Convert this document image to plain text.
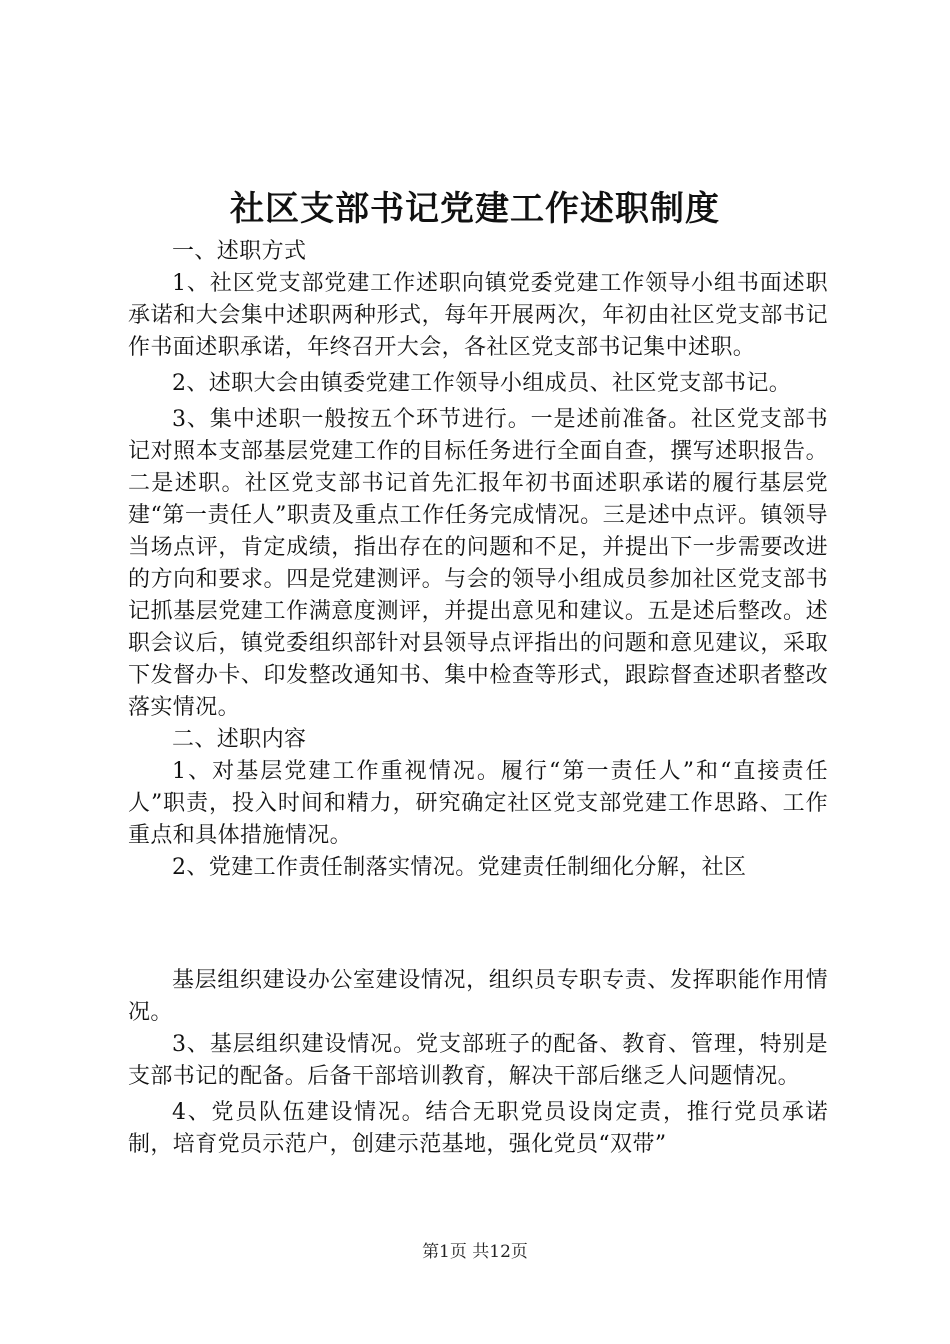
社区支部书记党建工作述职制度

一、述职方式

1、社区党支部党建工作述职向镇党委党建工作领导小组书面述职承诺和大会集中述职两种形式，每年开展两次，年初由社区党支部书记作书面述职承诺，年终召开大会，各社区党支部书记集中述职。

2、述职大会由镇委党建工作领导小组成员、社区党支部书记。

3、集中述职一般按五个环节进行。一是述前准备。社区党支部书记对照本支部基层党建工作的目标任务进行全面自查，撰写述职报告。二是述职。社区党支部书记首先汇报年初书面述职承诺的履行基层党建“第一责任人”职责及重点工作任务完成情况。三是述中点评。镇领导当场点评，肯定成绩，指出存在的问题和不足，并提出下一步需要改进的方向和要求。四是党建测评。与会的领导小组成员参加社区党支部书记抓基层党建工作满意度测评，并提出意见和建议。五是述后整改。述职会议后，镇党委组织部针对县领导点评指出的问题和意见建议，采取下发督办卡、印发整改通知书、集中检查等形式，跟踪督查述职者整改落实情况。

二、述职内容

1、对基层党建工作重视情况。履行“第一责任人”和“直接责任人”职责，投入时间和精力，研究确定社区党支部党建工作思路、工作重点和具体措施情况。

2、党建工作责任制落实情况。党建责任制细化分解，社区

基层组织建设办公室建设情况，组织员专职专责、发挥职能作用情况。

3、基层组织建设情况。党支部班子的配备、教育、管理，特别是支部书记的配备。后备干部培训教育，解决干部后继乏人问题情况。

4、党员队伍建设情况。结合无职党员设岗定责，推行党员承诺制，培育党员示范户，创建示范基地，强化党员“双带”

第1页 共12页
